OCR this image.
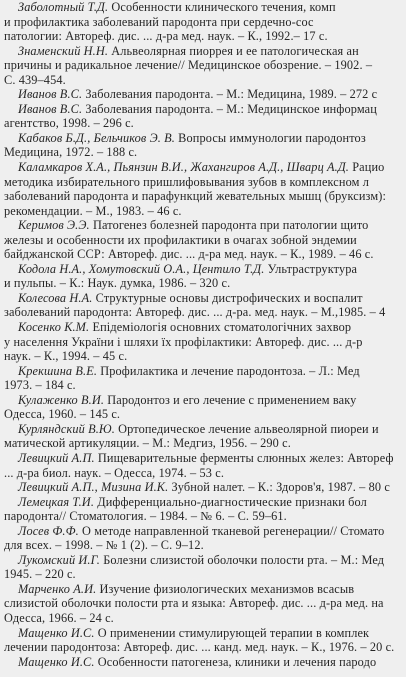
Заболотный Т.Д. Особенности клинического течения, комп
и профилактика заболеваний пародонта при сердечно-сос
патологии: Автореф. дис. ... д-ра мед. наук. – К., 1992.– 17 с.
Знаменский Н.Н. Альвеолярная пиоррея и ее патологическая ан
причины и радикальное лечение// Медицинское обозрение. – 1902. –
С. 439–454.
Иванов В.С. Заболевания пародонта. – М.: Медицина, 1989. – 272 с
Иванов В.С. Заболевания пародонта. – М.: Медицинское информац
агентство, 1998. – 296 с.
Кабаков Б.Д., Бельчиков Э. В. Вопросы иммунологии пародонтоз
Медицина, 1972. – 188 с.
Каламкаров Х.А., Пьянзин В.И., Жахангиров А.Д., Шварц А.Д. Рацио
методика избирательного пришлифовывания зубов в комплексном л
заболеваний пародонта и парафункций жевательных мышц (бруксизм):
рекомендации. – М., 1983. – 46 с.
Керимов Э.Э. Патогенез болезней пародонта при патологии щито
железы и особенности их профилактики в очагах зобной эндемии
байджанской ССР: Автореф. дис. ... д-ра мед. наук. – К., 1989. – 46 с.
Кодола Н.А., Хомутовский О.А., Центило Т.Д. Ультраструктура
и пульпы. – К.: Наук. думка, 1986. – 320 с.
Колесова Н.А. Структурные основы дистрофических и воспалит
заболеваний пародонта: Автореф. дис. ... д-ра. мед. наук. – М.,1985. – 4
Косенко К.М. Епідеміологія основних стоматологічних захвор
у населення України і шляхи їх профілактики: Автореф. дис. ... д-р
наук. – К., 1994. – 45 с.
Крекшина В.Е. Профилактика и лечение пародонтоза. – Л.: Мед
1973. – 184 с.
Кулаженко В.И. Пародонтоз и его лечение с применением ваку
Одесса, 1960. – 145 с.
Курляндский В.Ю. Ортопедическое лечение альвеолярной пиореи и
матической артикуляции. – М.: Медгиз, 1956. – 290 с.
Левицкий А.П. Пищеварительные ферменты слюнных желез: Автореф
... д-ра биол. наук. – Одесса, 1974. – 53 с.
Левицкий А.П., Мизина И.К. Зубной налет. – К.: Здоров'я, 1987. – 80 с
Лемецкая Т.И. Дифференциально-диагностические признаки бол
пародонта// Стоматология. – 1984. – № 6. – С. 59–61.
Лосев Ф.Ф. О методе направленной тканевой регенерации// Стомато
для всех. – 1998. – № 1 (2). – С. 9–12.
Лукомский И.Г. Болезни слизистой оболочки полости рта. – М.: Мед
1945. – 220 с.
Марченко А.И. Изучение физиологических механизмов всасыв
слизистой оболочки полости рта и языка: Автореф. дис. ... д-ра мед. на
Одесса, 1966. – 24 с.
Мащенко И.С. О применении стимулирующей терапии в комплек
лечении пародонтоза: Автореф. дис. ... канд. мед. наук. – К., 1976. – 20 с.
Мащенко И.С. Особенности патогенеза, клиники и лечения пародо
